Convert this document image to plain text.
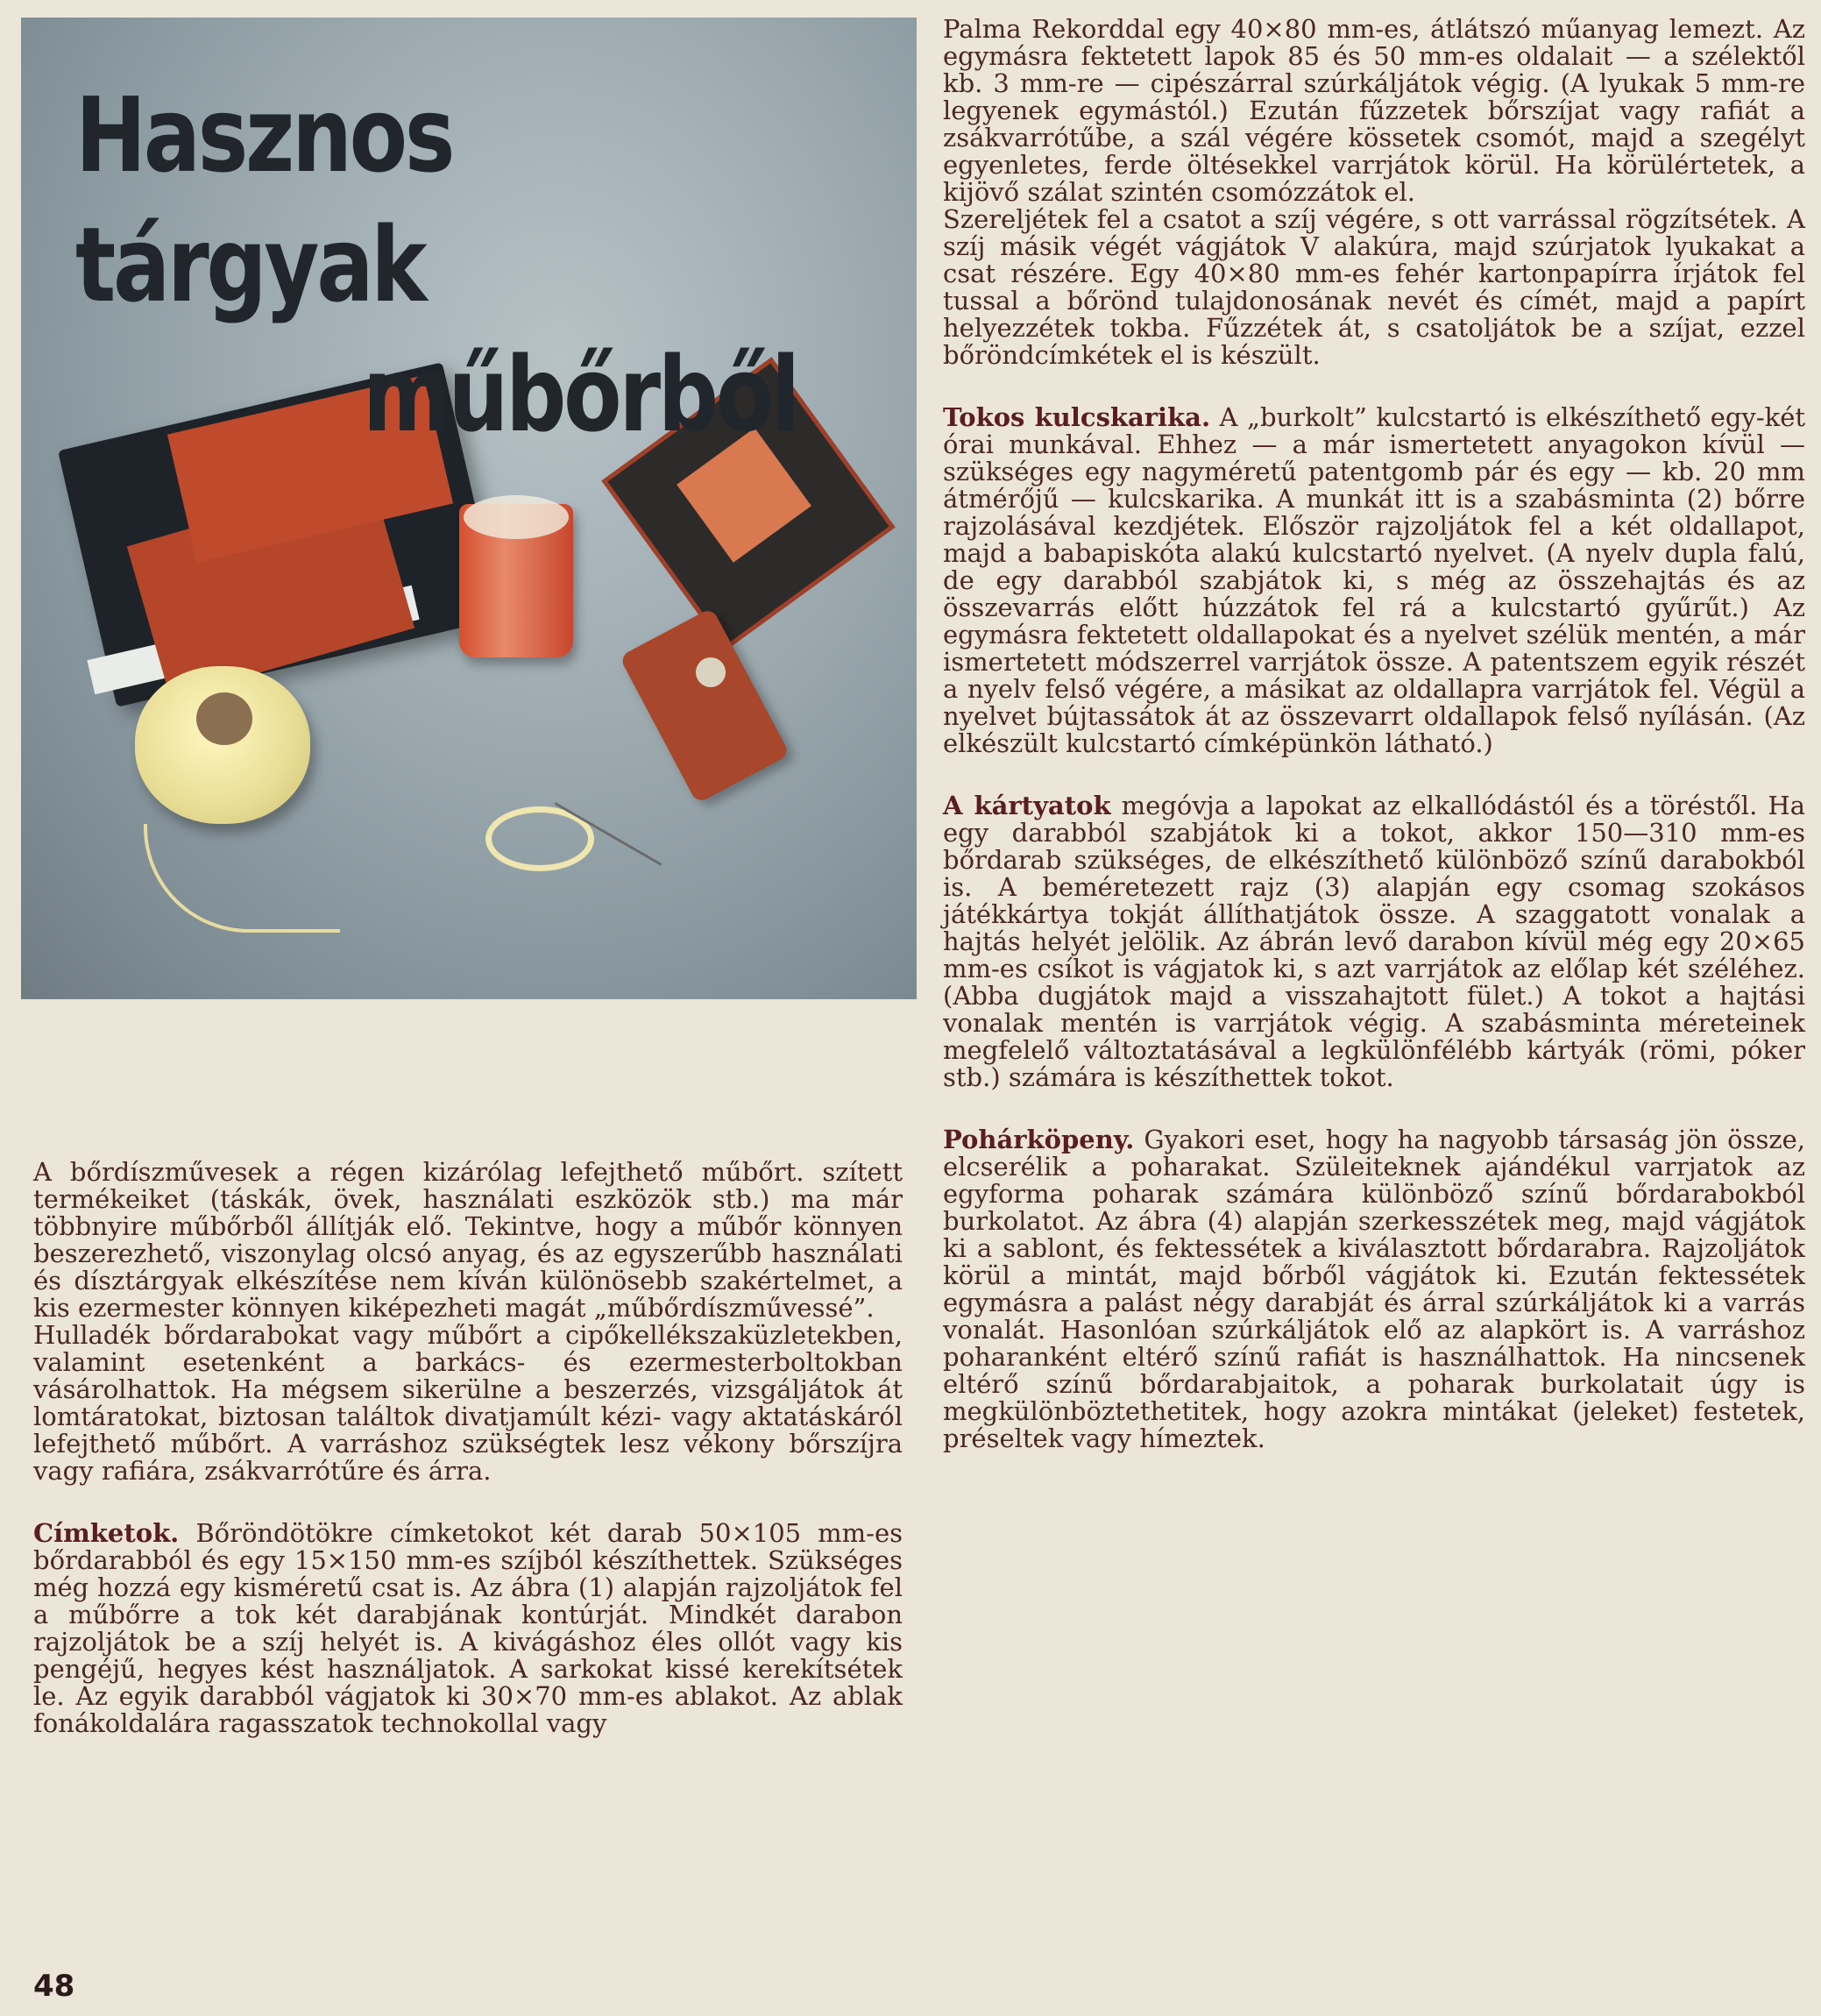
Hasznos tárgyak
műbőrből

Palma Rekorddal egy 40×80 mm-es, átlátszó műanyag lemezt. Az egymásra fektetett lapok 85 és 50 mm-es oldalait — a szélektől kb. 3 mm-re — cipészárral szúrkáljátok végig. (A lyukak 5 mm-re legyenek egymástól.) Ezután fűzzetek bőrszíjat vagy rafiát a zsákvarrótűbe, a szál végére kössetek csomót, majd a szegélyt egyenletes, ferde öltésekkel varrjátok körül. Ha körülértetek, a kijövő szálat szintén csomózzátok el.

Szereljétek fel a csatot a szíj végére, s ott varrással rögzítsétek. A szíj másik végét vágjátok V alakúra, majd szúrjatok lyukakat a csat részére. Egy 40×80 mm-es fehér kartonpapírra írjátok fel tussal a bőrönd tulajdonosának nevét és címét, majd a papírt helyezzétek tokba. Fűzzétek át, s csatoljátok be a szíjat, ezzel bőröndcímkétek el is készült.

Tokos kulcskarika. A „burkolt” kulcstartó is elkészíthető egy-két órai munkával. Ehhez — a már ismertetett anyagokon kívül — szükséges egy nagyméretű patentgomb pár és egy — kb. 20 mm átmérőjű — kulcskarika. A munkát itt is a szabásminta (2) bőrre rajzolásával kezdjétek. Először rajzoljátok fel a két oldallapot, majd a babapiskóta alakú kulcstartó nyelvet. (A nyelv dupla falú, de egy darabból szabjátok ki, s még az összehajtás és az összevarrás előtt húzzátok fel rá a kulcstartó gyűrűt.) Az egymásra fektetett oldallapokat és a nyelvet szélük mentén, a már ismertetett módszerrel varrjátok össze. A patentszem egyik részét a nyelv felső végére, a másikat az oldallapra varrjátok fel. Végül a nyelvet bújtassátok át az összevarrt oldallapok felső nyílásán. (Az elkészült kulcstartó címképünkön látható.)

A kártyatok megóvja a lapokat az elkallódástól és a töréstől. Ha egy darabból szabjátok ki a tokot, akkor 150—310 mm-es bőrdarab szükséges, de elkészíthető különböző színű darabokból is. A beméretezett rajz (3) alapján egy csomag szokásos játékkártya tokját állíthatjátok össze. A szaggatott vonalak a hajtás helyét jelölik. Az ábrán levő darabon kívül még egy 20×65 mm-es csíkot is vágjatok ki, s azt varrjátok az előlap két széléhez. (Abba dugjátok majd a visszahajtott fület.) A tokot a hajtási vonalak mentén is varrjátok végig. A szabásminta méreteinek megfelelő változtatásával a legkülönfélébb kártyák (römi, póker stb.) számára is készíthettek tokot.

Pohárköpeny. Gyakori eset, hogy ha nagyobb társaság jön össze, elcserélik a poharakat. Szüleiteknek ajándékul varrjatok az egyforma poharak számára különböző színű bőrdarabokból burkolatot. Az ábra (4) alapján szerkesszétek meg, majd vágjátok ki a sablont, és fektessétek a kiválasztott bőrdarabra. Rajzoljátok körül a mintát, majd bőrből vágjátok ki. Ezután fektessétek egymásra a palást négy darabját és árral szúrkáljátok ki a varrás vonalát. Hasonlóan szúrkáljátok elő az alapkört is. A varráshoz poharanként eltérő színű rafiát is használhattok. Ha nincsenek eltérő színű bőrdarabjaitok, a poharak burkolatait úgy is megkülönböztethetitek, hogy azokra mintákat (jeleket) festetek, préseltek vagy hímeztek.

A bőrdíszművesek a régen kizárólag lefejthető műbőrt. szített termékeiket (táskák, övek, használati eszközök stb.) ma már többnyire műbőrből állítják elő. Tekintve, hogy a műbőr könnyen beszerezhető, viszonylag olcsó anyag, és az egyszerűbb használati és dísztárgyak elkészítése nem kíván különösebb szakértelmet, a kis ezermester könnyen kiképezheti magát „műbőrdíszművessé”.

Hulladék bőrdarabokat vagy műbőrt a cipőkellékszaküzletekben, valamint esetenként a barkács- és ezermesterboltokban vásárolhattok. Ha mégsem sikerülne a beszerzés, vizsgáljátok át lomtáratokat, biztosan találtok divatjamúlt kézi- vagy aktatáskáról lefejthető műbőrt. A varráshoz szükségtek lesz vékony bőrszíjra vagy rafiára, zsákvarrótűre és árra.

Címketok. Bőröndötökre címketokot két darab 50×105 mm-es bőrdarabból és egy 15×150 mm-es szíjból készíthettek. Szükséges még hozzá egy kisméretű csat is. Az ábra (1) alapján rajzoljátok fel a műbőrre a tok két darabjának kontúrját. Mindkét darabon rajzoljátok be a szíj helyét is. A kivágáshoz éles ollót vagy kis pengéjű, hegyes kést használjatok. A sarkokat kissé kerekítsétek le. Az egyik darabból vágjatok ki 30×70 mm-es ablakot. Az ablak fonákoldalára ragasszatok technokollal vagy

48
